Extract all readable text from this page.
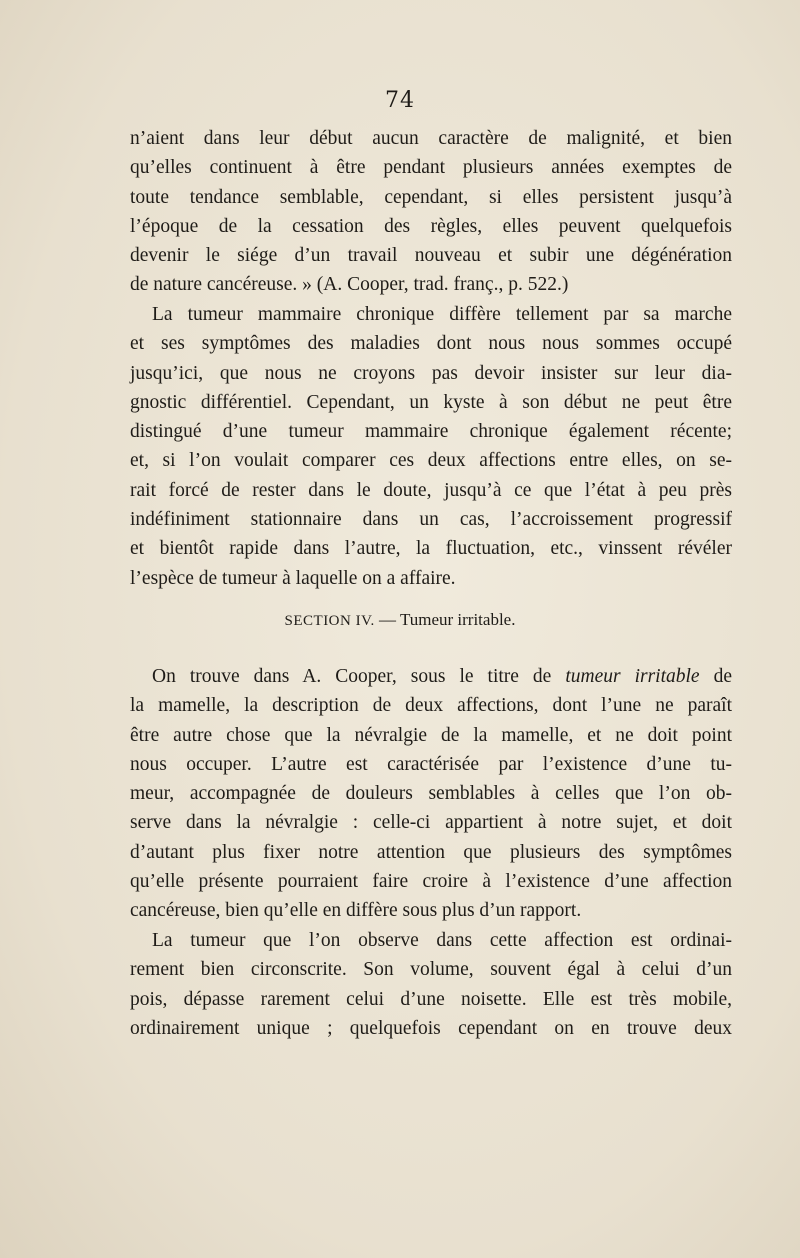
74
n’aient dans leur début aucun caractère de malignité, et bien
qu’elles continuent à être pendant plusieurs années exemptes de
toute tendance semblable, cependant, si elles persistent jusqu’à
l’époque de la cessation des règles, elles peuvent quelquefois
devenir le siége d’un travail nouveau et subir une dégénération
de nature cancéreuse. » (A. Cooper, trad. franç., p. 522.)
La tumeur mammaire chronique diffère tellement par sa marche
et ses symptômes des maladies dont nous nous sommes occupé
jusqu’ici, que nous ne croyons pas devoir insister sur leur dia-
gnostic différentiel. Cependant, un kyste à son début ne peut être
distingué d’une tumeur mammaire chronique également récente;
et, si l’on voulait comparer ces deux affections entre elles, on se-
rait forcé de rester dans le doute, jusqu’à ce que l’état à peu près
indéfiniment stationnaire dans un cas, l’accroissement progressif
et bientôt rapide dans l’autre, la fluctuation, etc., vinssent révéler
l’espèce de tumeur à laquelle on a affaire.
SECTION IV. — Tumeur irritable.
On trouve dans A. Cooper, sous le titre de tumeur irritable de
la mamelle, la description de deux affections, dont l’une ne paraît
être autre chose que la névralgie de la mamelle, et ne doit point
nous occuper. L’autre est caractérisée par l’existence d’une tu-
meur, accompagnée de douleurs semblables à celles que l’on ob-
serve dans la névralgie : celle-ci appartient à notre sujet, et doit
d’autant plus fixer notre attention que plusieurs des symptômes
qu’elle présente pourraient faire croire à l’existence d’une affection
cancéreuse, bien qu’elle en diffère sous plus d’un rapport.
La tumeur que l’on observe dans cette affection est ordinai-
rement bien circonscrite. Son volume, souvent égal à celui d’un
pois, dépasse rarement celui d’une noisette. Elle est très mobile,
ordinairement unique ; quelquefois cependant on en trouve deux
